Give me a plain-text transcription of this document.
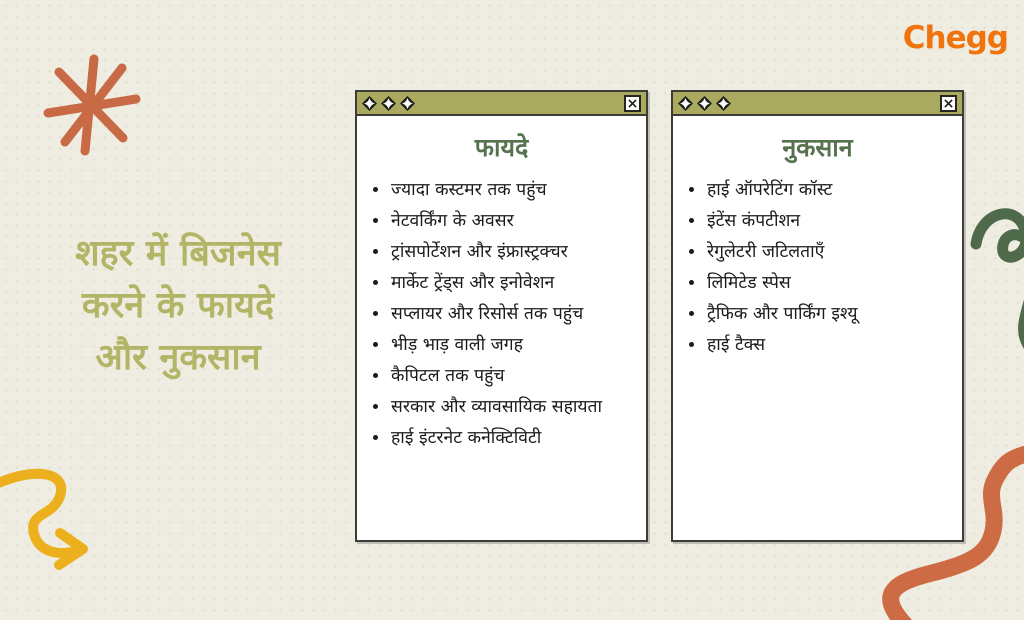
Chegg
शहर में बिजनेस
करने के फायदे
और नुकसान
फायदे
• ज्यादा कस्टमर तक पहुंच
• नेटवर्किंग के अवसर
• ट्रांसपोर्टेशन और इंफ्रास्ट्रक्चर
• मार्केट ट्रेंड्स और इनोवेशन
• सप्लायर और रिसोर्स तक पहुंच
• भीड़ भाड़ वाली जगह
• कैपिटल तक पहुंच
• सरकार और व्यावसायिक सहायता
• हाई इंटरनेट कनेक्टिविटी
नुकसान
• हाई ऑपरेटिंग कॉस्ट
• इंटेंस कंपटीशन
• रेगुलेटरी जटिलताएँ
• लिमिटेड स्पेस
• ट्रैफिक और पार्किंग इश्यू
• हाई टैक्स
